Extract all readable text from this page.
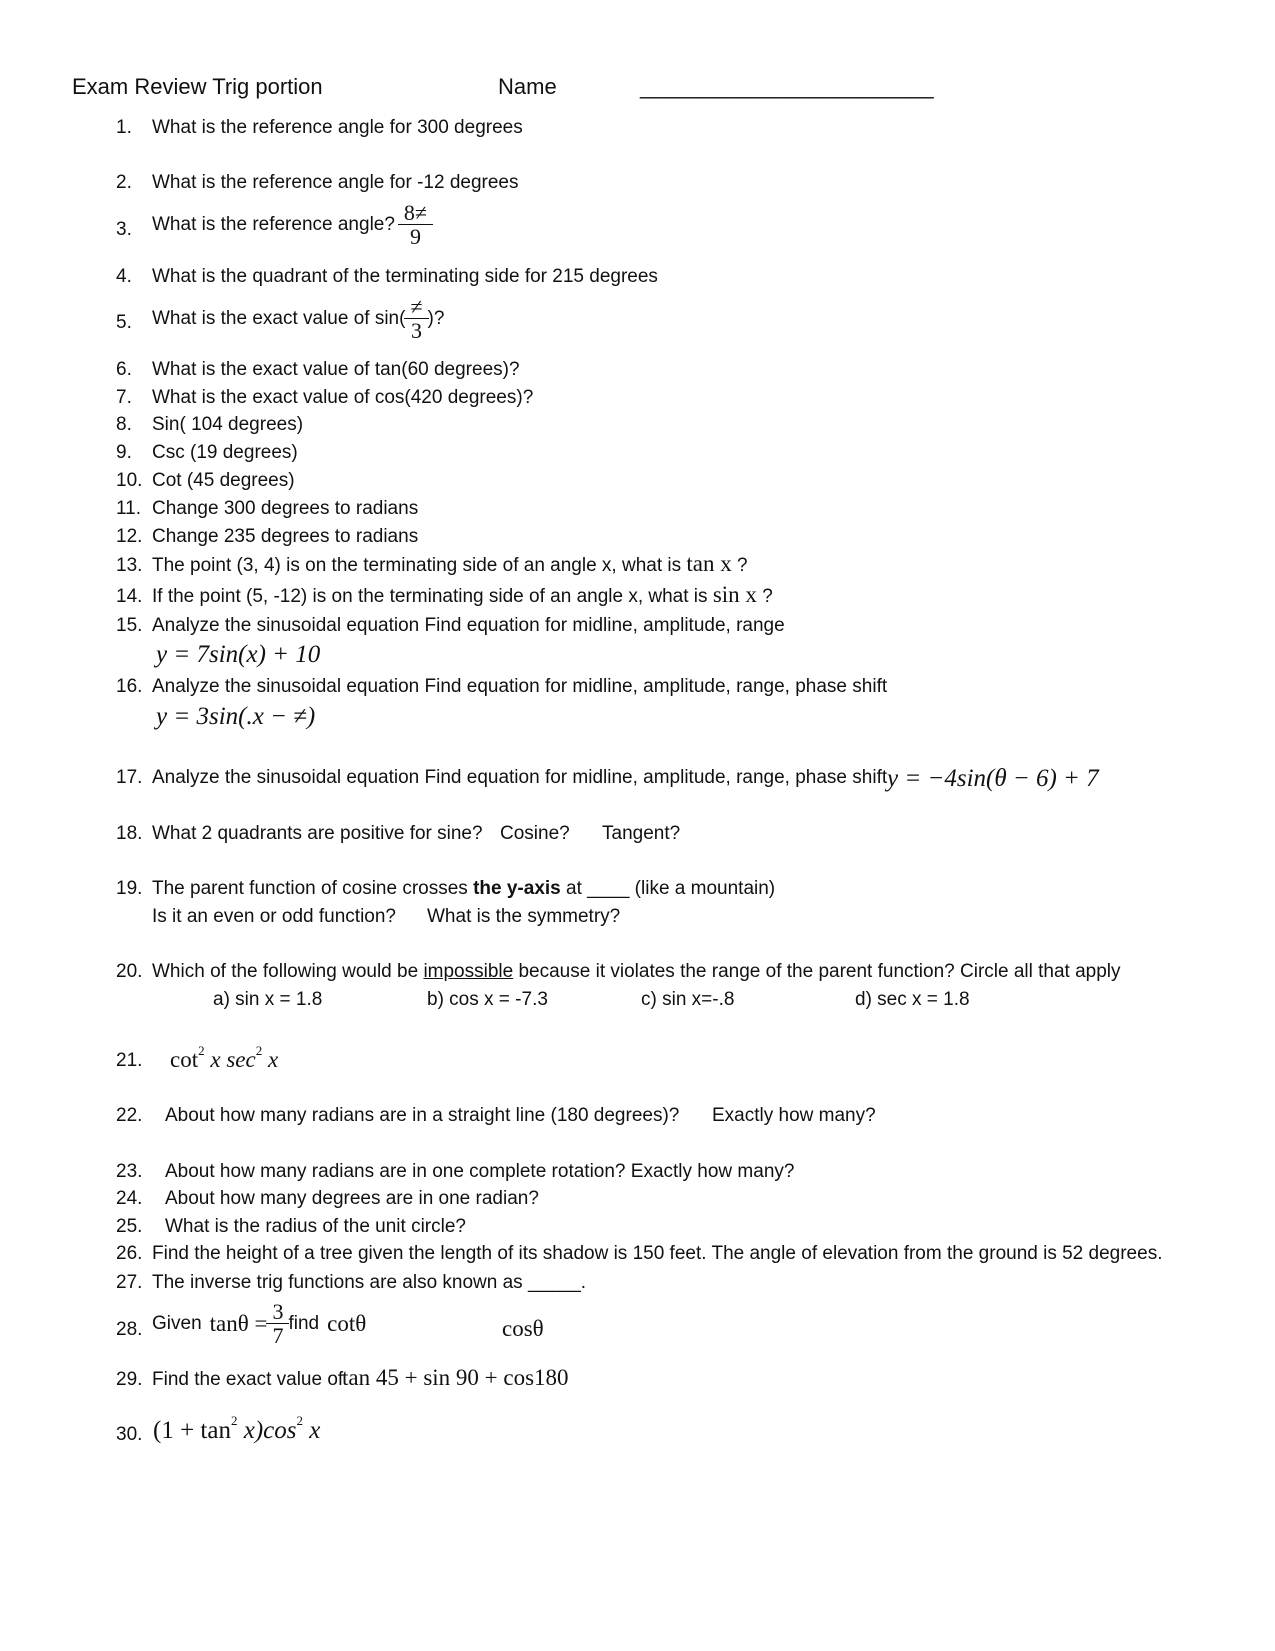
Exam Review Trig portion	Name	________________________
1. What is the reference angle for 300 degrees
2. What is the reference angle for -12 degrees
3. What is the reference angle? $\frac{8\ne}{9}$
4. What is the quadrant of the terminating side for 215 degrees
5. What is the exact value of $\sin( \frac{\ne}{3}$ )?
6. What is the exact value of tan(60 degrees)?
7. What is the exact value of cos(420 degrees)?
8. Sin( 104 degrees)
9. Csc (19 degrees)
10. Cot (45 degrees)
11. Change 300 degrees to radians
12. Change 235 degrees to radians
13. The point (3, 4) is on the terminating side of an angle x, what is tan x ?
14. If the point (5, -12) is on the terminating side of an angle x, what is sin x ?
15. Analyze the sinusoidal equation Find equation for midline, amplitude, range
y = 7sin(x) + 10
16. Analyze the sinusoidal equation Find equation for midline, amplitude, range, phase shift
y = 3sin(.x − ≠)
17. Analyze the sinusoidal equation Find equation for midline, amplitude, range, phase shift y = −4sin(θ − 6) + 7
18. What 2 quadrants are positive for sine? Cosine? Tangent?
19. The parent function of cosine crosses the y-axis at ____ (like a mountain)
Is it an even or odd function? What is the symmetry?
20. Which of the following would be impossible because it violates the range of the parent function? Circle all that apply
a) sin x = 1.8	b) cos x = -7.3	c) sin x=-.8	d) sec x = 1.8
21. $\cot^2 x$ $\sec^2 x$
22. About how many radians are in a straight line (180 degrees)? Exactly how many?
23. About how many radians are in one complete rotation? Exactly how many?
24. About how many degrees are in one radian?
25. What is the radius of the unit circle?
26. Find the height of a tree given the length of its shadow is 150 feet. The angle of elevation from the ground is 52 degrees.
27. The inverse trig functions are also known as _____.
28. Given $\tan\theta = \frac{3}{7}$ find cotθ	cosθ
29. Find the exact value of
tan 45 + sin 90 + cos180
30. $(1 + \tan^2 x)\cos^2$ x
